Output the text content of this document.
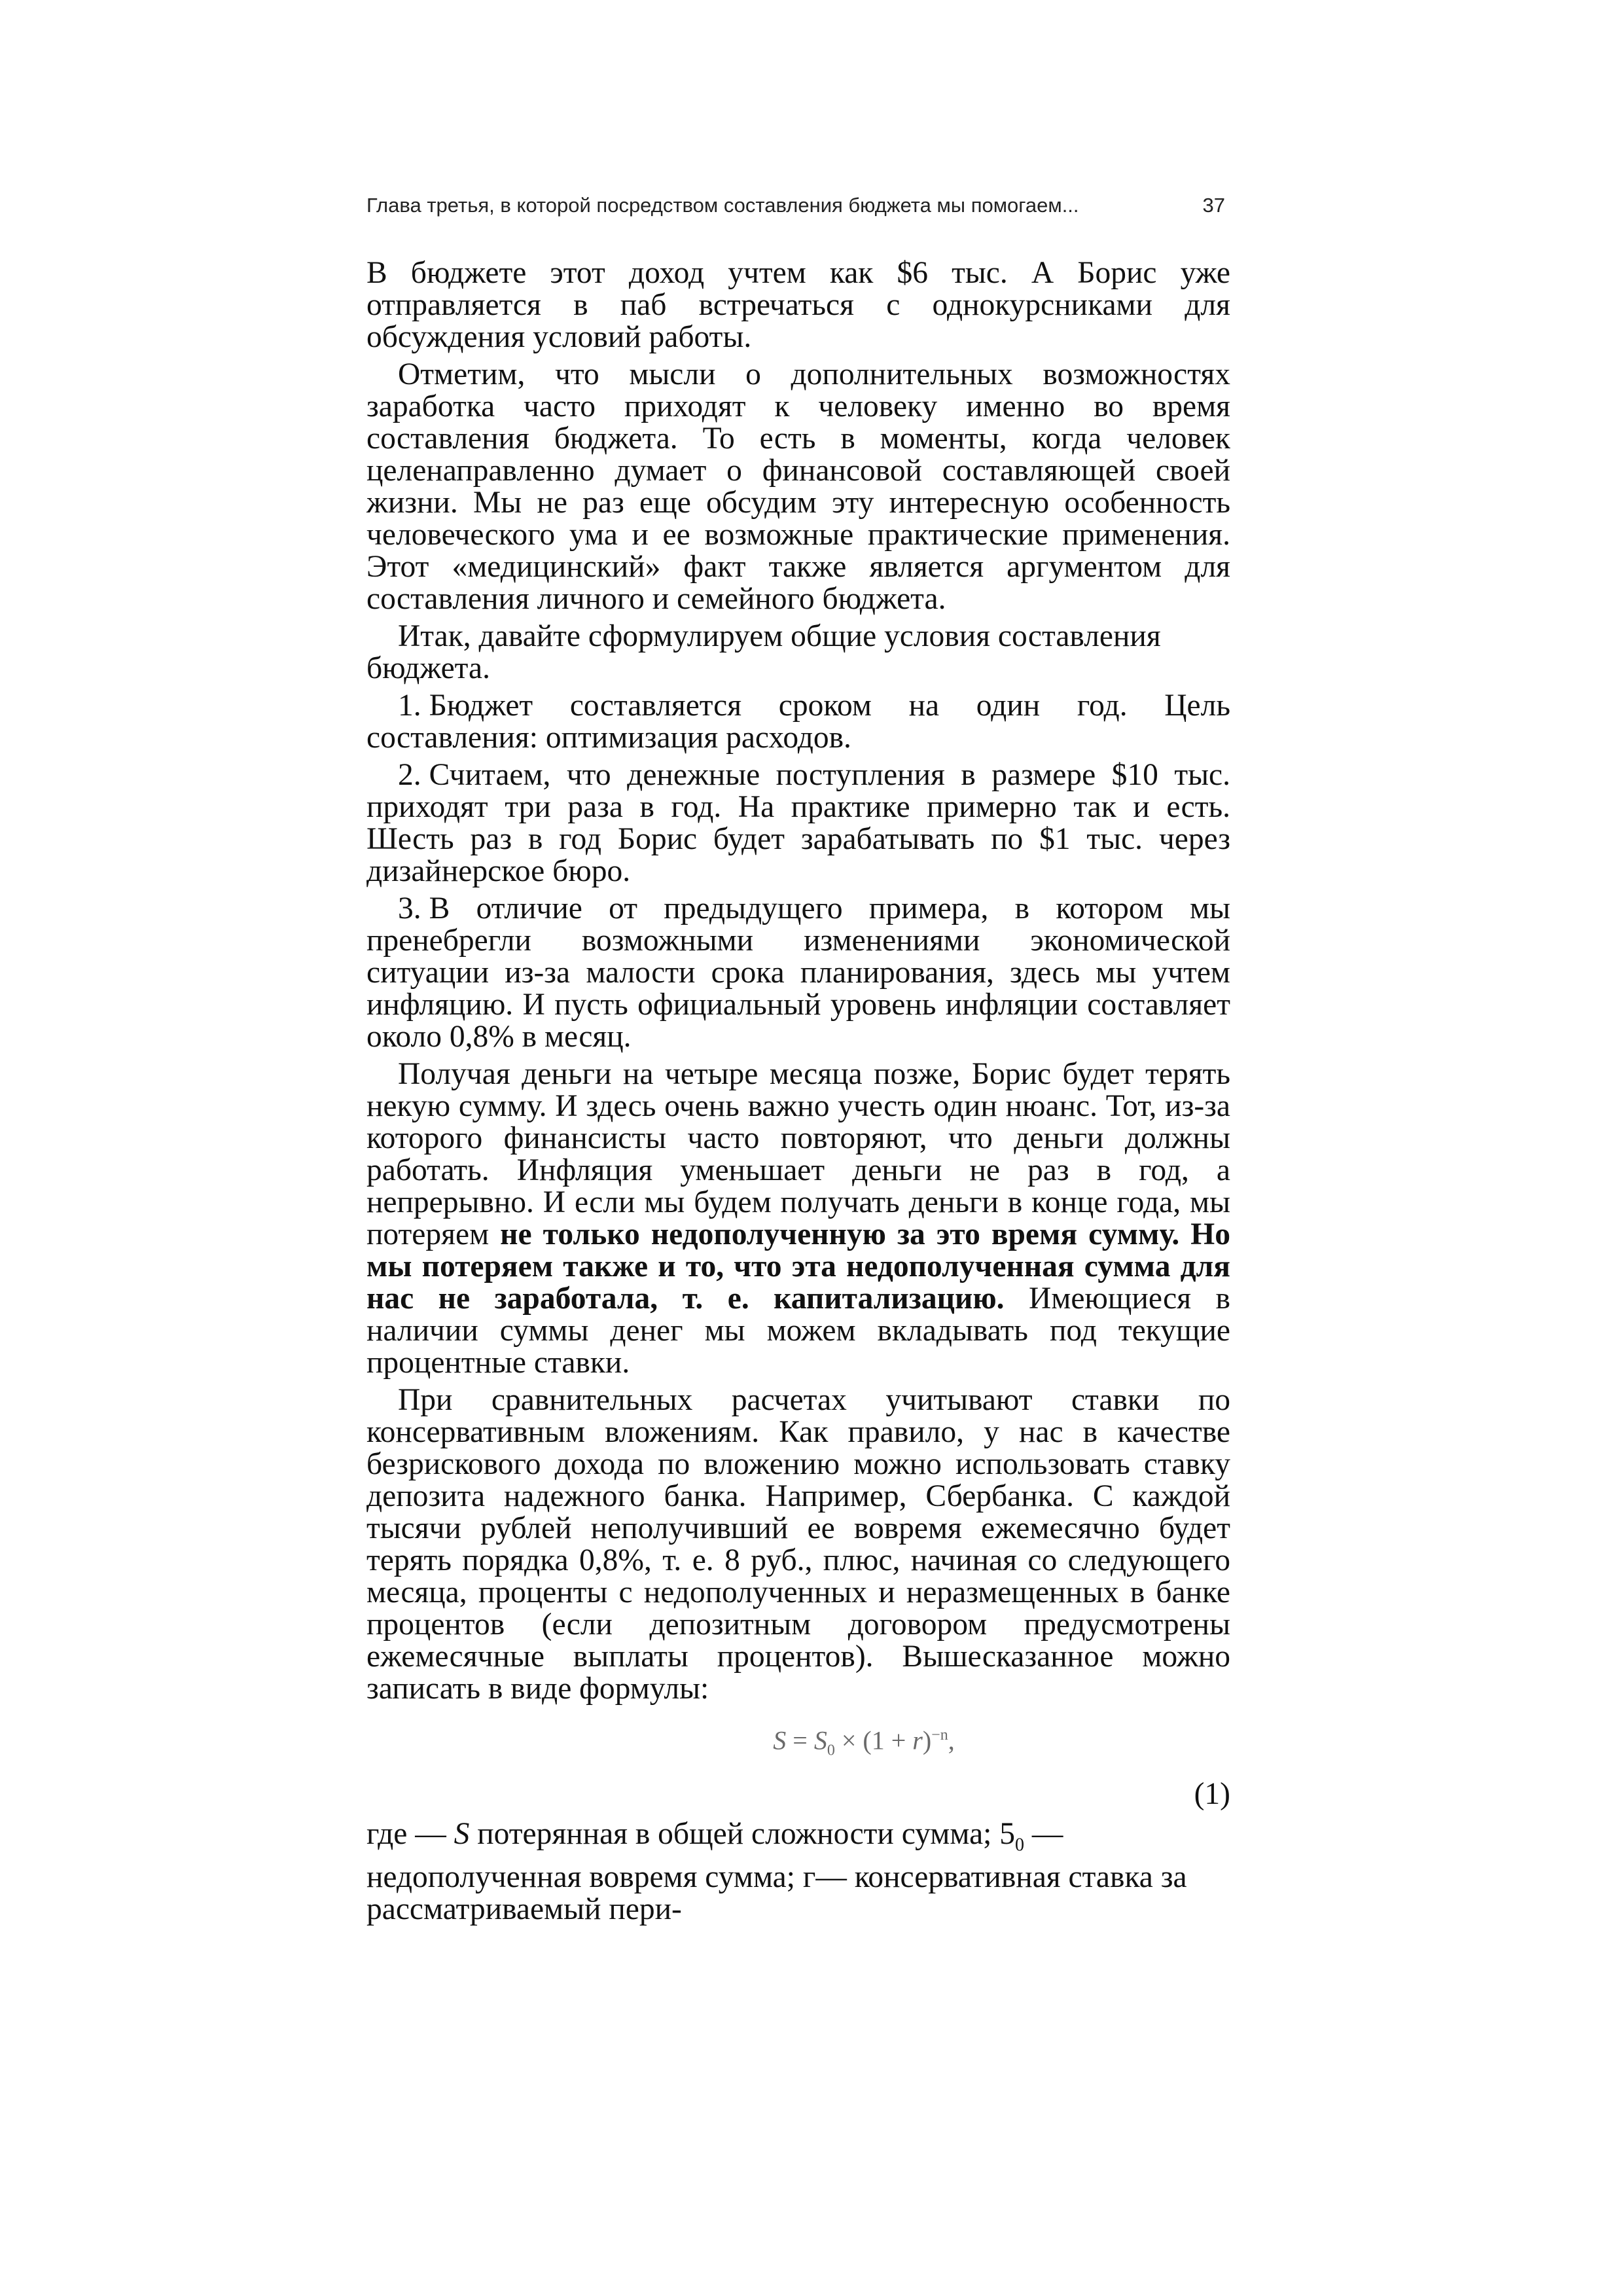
Глава третья, в которой посредством составления бюджета мы помогаем...	37

В бюджете этот доход учтем как $6 тыс. А Борис уже отправляется в паб встречаться с однокурсниками для обсуждения условий работы.

Отметим, что мысли о дополнительных возможностях заработка часто приходят к человеку именно во время составления бюджета. То есть в моменты, когда человек целенаправленно думает о финансовой составляющей своей жизни. Мы не раз еще обсудим эту интересную особенность человеческого ума и ее возможные практические применения. Этот «медицинский» факт также является аргументом для составления личного и семейного бюджета.

Итак, давайте сформулируем общие условия составления бюджета.

1. Бюджет составляется сроком на один год. Цель составления: оптимизация расходов.

2. Считаем, что денежные поступления в размере $10 тыс. приходят три раза в год. На практике примерно так и есть. Шесть раз в год Борис будет зарабатывать по $1 тыс. через дизайнерское бюро.

3. В отличие от предыдущего примера, в котором мы пренебрегли возможными изменениями экономической ситуации из-за малости срока планирования, здесь мы учтем инфляцию. И пусть официальный уровень инфляции составляет около 0,8% в месяц.

Получая деньги на четыре месяца позже, Борис будет терять некую сумму. И здесь очень важно учесть один нюанс. Тот, из-за которого финансисты часто повторяют, что деньги должны работать. Инфляция уменьшает деньги не раз в год, а непрерывно. И если мы будем получать деньги в конце года, мы потеряем не только недополученную за это время сумму. Но мы потеряем также и то, что эта недополученная сумма для нас не заработала, т. е. капитализацию. Имеющиеся в наличии суммы денег мы можем вкладывать под текущие процентные ставки.

При сравнительных расчетах учитывают ставки по консервативным вложениям. Как правило, у нас в качестве безрискового дохода по вложению можно использовать ставку депозита надежного банка. Например, Сбербанка. С каждой тысячи рублей неполучивший ее вовремя ежемесячно будет терять порядка 0,8%, т. е. 8 руб., плюс, начиная со следующего месяца, проценты с недополученных и неразмещенных в банке процентов (если депозитным договором предусмотрены ежемесячные выплаты процентов). Вышесказанное можно записать в виде формулы:

$S = S_0 \times (1 + r)^{-n}$,
(1)

где — S потерянная в общей сложности сумма; $5_0$ — недополученная вовремя сумма; г— консервативная ставка за рассматриваемый пери-
